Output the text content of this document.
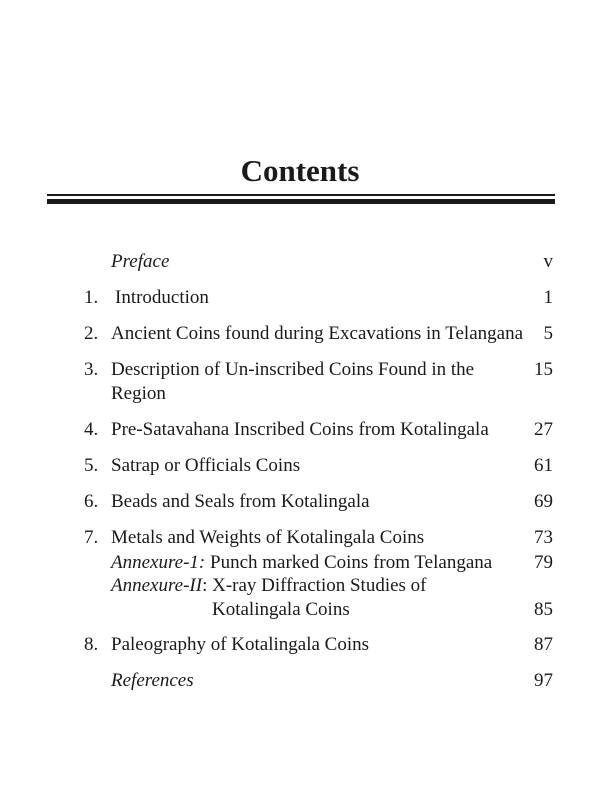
Contents
Preface	v
1. Introduction	1
2. Ancient Coins found during Excavations in Telangana 5
3. Description of Un-inscribed Coins Found in the	15
Region
4. Pre-Satavahana Inscribed Coins from Kotalingala 27
5. Satrap or Officials Coins	61
6. Beads and Seals from Kotalingala	69
7. Metals and Weights of Kotalingala Coins	73
Annexure-1: Punch marked Coins from Telangana 79
Annexure-II: X-ray Diffraction Studies of
Kotalingala Coins	85
8. Paleography of Kotalingala Coins	87
References	97
